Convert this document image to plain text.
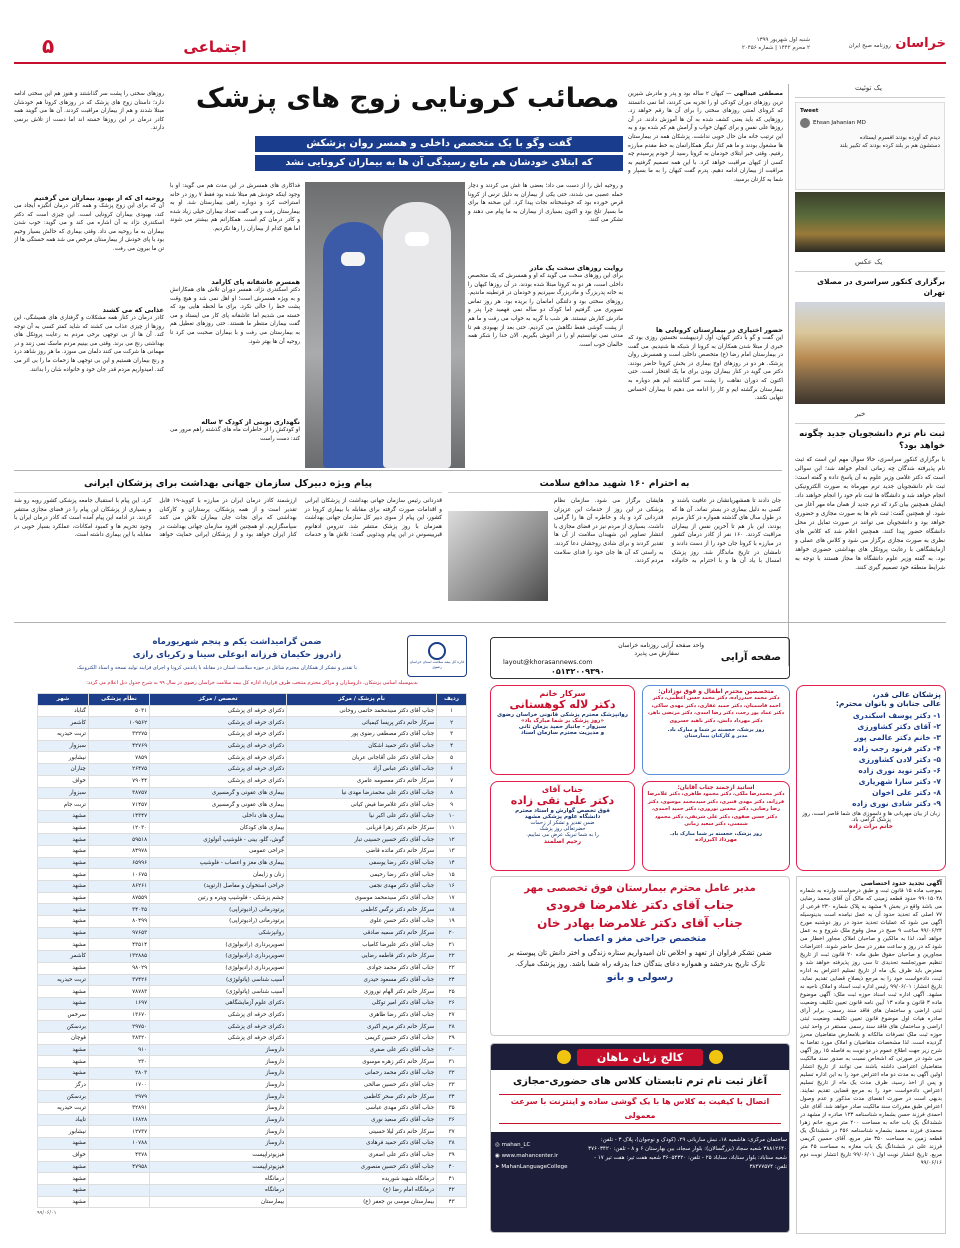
خراسان روزنامه صبح ایران
شنبه اول شهریور ۱۳۹۹
۲ محرم ۱۴۴۲ | شماره ۲۰۴۵۶
اجتماعی
۵
یک توئیت
Tweet
Ehsan Jahanian MD
دیدم که آورده بودند افسرم ایستاده
دستشون هم بر بلند کرده بودند که تکبیر بلند
یک عکس
برگزاری کنکور سراسری در مصلای تهران
خبر
ثبت نام ترم دانشجویان جدید چگونه خواهد بود؟
با برگزاری کنکور سراسری، حالا سوال مهم این است که ثبت نام پذیرفته شدگان چه زمانی انجام خواهد شد؛ این سوالی است که دکتر غلامی وزیر علوم به آن پاسخ داده و گفته است: ثبت نام دانشجویان جدید ترم مهرماه به صورت الکترونیکی انجام خواهد شد و دانشگاه ها ثبت نام خود را انجام خواهند داد. ایشان همچنین بیان کرد که ترم جدید از همان ماه مهر آغاز می شود. او همچنین گفت: ثبت نام ها به صورت مجازی و حضوری خواهد بود و دانشجویان می توانند در صورت تمایل در محل دانشگاه حضور پیدا کنند. همچنین اعلام شد که کلاس های نظری به صورت مجازی برگزار می شود و کلاس های عملی و آزمایشگاهی با رعایت پروتکل های بهداشتی حضوری خواهد بود. به گفته وزیر علوم دانشگاه ها مجاز هستند با توجه به شرایط منطقه خود تصمیم گیری کنند.
مصائب کرونایی زوج های پزشک
گفت وگو با یک متخصص داخلی و همسر روان پزشکش
که ابتلای خودشان هم مانع رسیدگی آن ها به بیماران کرونایی نشد
مصطفی عبدالهی — کیهان ۲ ساله بود و پدر و مادرش شیرین ترین روزهای دوران کودکی او را تجربه می کردند، اما نمی دانستند که کرونای لعنتی روزهای سختی را برای آن ها رقم خواهد زد. روزهایی که باید یعنی کشف شده به آن ها آموزش دادند. در آن روزها علی نفس و برای کیهان خواب و آرامش هم کم شده بود و به این ترتیب خانه مان حال خوبی نداشت. پزشکان همه در بیمارستان ها مشغول بودند و ما هم کنار دیگر همکارانمان به خط مقدم مبارزه رفتیم. وقتی خبر ابتلای خودمان به کرونا رسید از خودم پرسیدم چه کسی از کیهان مراقبت خواهد کرد. با این همه تصمیم گرفتیم به مراقبت از بیماران ادامه دهیم. پدرم گفت کیهان را به ما بسپار و شما به کارتان برسید.
حضور اختیاری در بیمارستان کرونایی ها
این گفت و گو با دکتر کیهان، اول اردیبهشت نخستین روزی بود که خبری از مبتلا شدن همکاران به کرونا از شبکه ها شنیدیم. می گفت در بیمارستان امام رضا (ع) متخصص داخلی است و همسرش روان پزشک. هر دو در روزهای اوج بیماری در بخش کرونا حاضر بودند. دکتر می گوید در کنار بیماران بودن برای ما یک افتخار است. حتی اکنون که دوران نقاهت را پشت سر گذاشته ایم هم دوباره به بیمارستان برگشته ایم و کار را ادامه می دهیم تا بیماران احساس تنهایی نکنند.
و روحیه اش را از دست می داد؛ بعضی ها غش می کردند و دچار حمله عصبی می شدند، حتی یکی از بیماران به دلیل ترس از کرونا قرص خورده بود که خوشبختانه نجات پیدا کرد. این صحنه ها برای ما بسیار تلخ بود و اکنون بسیاری از بیماران به ما پیام می دهند و تشکر می کنند.
روایت روزهای سخت یک مادر
برای این روزهای سخت می گوید که او و همسرش که یک متخصص داخلی است، هر دو به کرونا مبتلا شده بودند. در آن روزها کیهان را به خانه پدربزرگ و مادربزرگ سپردیم و خودمان در قرنطینه ماندیم. روزهای سختی بود و دلتنگی امانمان را بریده بود. هر روز تماس تصویری می گرفتیم اما کودک دو ساله نمی فهمید چرا پدر و مادرش کنارش نیستند. هر شب با گریه به خواب می رفت و ما هم از پشت گوشی فقط نگاهش می کردیم. حتی بعد از بهبودی هم تا مدتی نمی توانستیم او را در آغوش بگیریم. الان خدا را شکر همه حالمان خوب است.
فداکاری های همسرش در این مدت هم می گوید: او با وجود اینکه خودش هم مبتلا شده بود فقط ۷ روز در خانه استراحت کرد و دوباره راهی بیمارستان شد. او به بیمارستان رفت و می گفت تعداد بیماران خیلی زیاد شده و کادر درمان کم است. همکارانم هم بیشتر می شوند اما هیچ کدام از بیماران را رها نکردیم.
همسرم عاشقانه پای کارامد
دکتر اسکندری نژاد، همسر دوران تلاش های همکارانش و به ویژه همسرش است؛ او اهل نمی شد و هیچ وقت پشت خط را خالی نکرد. برای ما لحظه هایی بود که خسته می شدیم اما عاشقانه پای کار می ایستاد و می گفت بیماران منتظر ما هستند. حتی روزهای تعطیل هم به بیمارستان می رفت و با بیماران صحبت می کرد تا روحیه آن ها بهتر شود.
نگهداری نوبتی از کودک ۲ ساله
او کودکش را از خاطرات ماه های گذشته راهم مرور می کند: دست راست
روزهای سختی را پشت سر گذاشتند و هنوز هم این سختی ادامه دارد؛ داستان زوج های پزشک که در روزهای کرونا هم خودشان مبتلا شدند و هم از بیماران مراقبت کردند. آن ها می گویند همه کادر درمان در این روزها خسته اند اما دست از تلاش برنمی دارند.
روحیه ای که از بهبود بیماران می گرفتیم
آن که برای این زوج پزشک و همه کادر درمان انگیزه ایجاد می کند، بهبودی بیماران کرونایی است. این چیزی است که دکتر اسکندری نژاد به آن اشاره می کند و می گوید: خوب شدن بیماران به ما روحیه می داد. وقتی بیماری که حالش بسیار وخیم بود با پای خودش از بیمارستان مرخص می شد همه خستگی ها از تن ما بیرون می رفت.
عذابی که می کشند
کادر درمان در کنار همه مشکلات و گرفتاری های همیشگی، این روزها از چیزی عذاب می کشند که شاید کمتر کسی به آن توجه کند. آن ها از بی توجهی برخی مردم به رعایت پروتکل های بهداشتی رنج می برند. وقتی می بینیم مردم ماسک نمی زنند و در مهمانی ها شرکت می کنند دلمان می سوزد. ما هر روز شاهد درد و رنج بیماران هستیم و این بی توجهی ها زحمات ما را بی اثر می کند. امیدواریم مردم قدر جان خود و خانواده شان را بدانند.
پیام ویژه دبیرکل سازمان جهانی بهداشت برای پزشکان ایرانی
قدردانی رئیس سازمان جهانی بهداشت از پزشکان ایرانی و اقدامات صورت گرفته برای مقابله با بیماری کرونا در کشور، این پیام از سوی دبیر کل سازمان جهانی بهداشت همزمان با روز پزشک منتشر شد. تدروس ادهانوم قبرییسوس در این پیام ویدئویی گفت: تلاش ها و خدمات ارزشمند کادر درمان ایران در مبارزه با کووید-۱۹ قابل تقدیر است و از همه پزشکان، پرستاران و کارکنان بهداشتی که برای نجات جان بیماران تلاش می کنند سپاسگزاریم. او همچنین افزود سازمان جهانی بهداشت در کنار ایران خواهد بود و از پزشکان ایرانی حمایت خواهد کرد. این پیام با استقبال جامعه پزشکی کشور روبه رو شد و بسیاری از پزشکان این پیام را در فضای مجازی منتشر کردند. در ادامه این پیام آمده است که کادر درمان ایران با وجود تحریم ها و کمبود امکانات، عملکرد بسیار خوبی در مقابله با این بیماری داشته است.
به احترام ۱۶۰ شهید مدافع سلامت
جان دادند تا همشهریانشان در عافیت باشند و کسی به دلیل بیماری در بستر نماند. آن ها که در طول سال های گذشته همواره در کنار مردم بودند، این بار هم تا آخرین نفس از بیماران مراقبت کردند. ۱۶۰ نفر از کادر درمان کشور در مبارزه با کرونا جان خود را از دست دادند و نامشان در تاریخ ماندگار شد. روز پزشک امسال با یاد آن ها و با احترام به خانواده هایشان برگزار می شود. سازمان نظام پزشکی در این روز از خدمات این عزیزان قدردانی کرد و یاد و خاطره آن ها را گرامی داشت. بسیاری از مردم نیز در فضای مجازی با انتشار تصاویر این شهیدان سلامت از آن ها تقدیر کردند و برای شادی روحشان دعا کردند. به راستی که آن ها جان خود را فدای سلامت مردم کردند.
اداره کل بیمه سلامت استان خراسان رضوی
ضمن گرامیداشت یکم و پنجم شهریورماه
زادروز حکیمان فرزانه ابوعلی سینا و زکریای رازی
با تقدیر و تشکر از همکاران محترم شاغل در حوزه سلامت استان در مقابله با پاندمی کرونا و اجرای فرایند تولید نسخه و اسناد الکترونیک
بدینوسیله اسامی پزشکان، داروسازان و مراکز محترم منتخب طرف قرارداد اداره کل بیمه سلامت خراسان رضوی در سال ۹۹ به شرح جدول ذیل اعلام می گردد:
ردیف	نام پزشک / مرکز	تخصص / مرکز	نظام پزشکی	شهر
۱	جناب آقای دکتر سیدمحمد حاتمی روحانی	دکترای حرفه ای پزشکی	۵۰۳۱	گناباد
۲	سرکار خانم دکتر پریسا کیمیائی	دکترای حرفه ای پزشکی	۱۰۹۵۶۲	کاشمر
۳	جناب آقای دکتر مصطفی رضوی پور	دکترای حرفه ای پزشکی	۳۲۲۷۵	تربت حیدریه
۴	جناب آقای دکتر حمید اشکان	دکترای حرفه ای پزشکی	۴۲۷۶۹	سبزوار
۵	جناب آقای دکتر علی آقاجانی عربان	دکترای حرفه ای پزشکی	۷۸۵۹	نیشابور
۶	جناب آقای دکتر عباس آزاد	دکترای حرفه ای پزشکی	۲۶۴۷۵	چناران
۷	سرکار خانم دکتر معصومه عامری	دکترای حرفه ای پزشکی	۷۹۰۴۴	خواف
۸	جناب آقای دکتر علی محمدرضا مهدی نیا	بیماری های عفونی و گرمسیری	۳۸۷۵۷	سبزوار
۹	جناب آقای دکتر غلامرضا فیض کیانی	بیماری های عفونی و گرمسیری	۷۱۴۵۷	تربت جام
۱۰	جناب آقای دکتر علی اکبر نیا	بیماری های داخلی	۱۴۳۴۷	مشهد
۱۱	سرکار خانم دکتر زهرا قربانی	بیماری های کودکان	۱۲۰۳۰	مشهد
۱۲	جناب آقای دکتر حسین حسینی تبار	گوش، گلو، بینی - فلوشیپ آتولوژی	۵۹۵۱۸	مشهد
۱۳	سرکار خانم دکتر مائده قاضی	جراحی عمومی	۸۴۹۷۸	مشهد
۱۴	جناب آقای دکتر رضا یوسفی	بیماری های مغز و اعصاب - فلوشیپ	۶۵۹۹۶	مشهد
۱۵	جناب آقای دکتر رضا رحیمی	زنان و زایمان	۱۰۶۷۵	مشهد
۱۶	جناب آقای دکتر مهدی نجفی	جراحی استخوان و مفاصل (ارتوپد)	۸۶۲۶۱	مشهد
۱۷	جناب آقای دکتر سیدمحمد موسوی	چشم پزشکی - فلوشیپ ویتره و رتین	۸۷۵۵۹	مشهد
۱۸	سرکار خانم دکتر نرگس کاظمی	پرتودرمانی (رادیوتراپی)	۳۴۰۳۵	مشهد
۱۹	جناب آقای دکتر حسن علوی	پرتودرمانی (رادیوتراپی)	۸۰۴۹۹	مشهد
۲۰	سرکار خانم دکتر سمیه صادقی	روانپزشکی	۹۷۶۵۳	مشهد
۲۱	جناب آقای دکتر علیرضا کامیاب	تصویربرداری (رادیولوژی)	۴۳۵۱۴	مشهد
۲۲	سرکار خانم دکتر فاطمه رضایی	تصویربرداری (رادیولوژی)	۱۳۲۸۸۵	کاشمر
۲۳	جناب آقای دکتر محمد جوادی	تصویربرداری (رادیولوژی)	۹۸۰۲۹	مشهد
۲۴	جناب آقای دکتر مسعود حیدری	آسیب شناسی (پاتولوژی)	۳۷۴۲۶	تربت حیدریه
۲۵	سرکار خانم دکتر الهام نوروزی	آسیب شناسی (پاتولوژی)	۷۸۷۸۳	مشهد
۲۶	جناب آقای دکتر امیر توکلی	دکترای علوم آزمایشگاهی	۱۶۹۷	مشهد
۲۷	جناب آقای دکتر رضا طاهری	دکترای حرفه ای پزشکی	۱۳۶۷۰	سرخس
۲۸	سرکار خانم دکتر مریم اکبری	دکترای حرفه ای پزشکی	۲۹۷۵۰	بردسکن
۲۹	جناب آقای دکتر حسین کریمی	دکترای حرفه ای پزشکی	۳۸۳۲۰	قوچان
۳۰	جناب آقای دکتر علی صفری	داروساز	۹۱۰	مشهد
۳۱	سرکار خانم دکتر زهره موسوی	داروساز	۲۳۰	مشهد
۳۲	جناب آقای دکتر محمد رحمانی	داروساز	۲۸۰۳	مشهد
۳۳	جناب آقای دکتر حسین صالحی	داروساز	۱۷۰۰	درگز
۳۴	سرکار خانم دکتر سحر کاظمی	داروساز	۲۹۷۹	بردسکن
۳۵	جناب آقای دکتر مهدی عباسی	داروساز	۳۲۸۹۱	تربت حیدریه
۳۶	جناب آقای دکتر سعید نوری	داروساز	۱۶۸۲۸	تایباد
۳۷	سرکار خانم دکتر لیلا حسینی	داروساز	۱۲۷۳۷	نیشابور
۳۸	جناب آقای دکتر حمید فرهادی	داروساز	۱۰۷۸۸	مشهد
۳۹	جناب آقای دکتر علی اصغری	فیزیوتراپیست	۴۳۷۸	خواف
۴۰	جناب آقای دکتر حسین منصوری	فیزیوتراپیست	۴۷۹۵۸	مشهد
۴۱	درمانگاه شهید شوریده	درمانگاه		مشهد
۴۲	درمانگاه امام رضا (ع)	درمانگاه		مشهد
۴۳	بیمارستان موسی بن جعفر (ع)	بیمارستان		مشهد
۹۹/۰۶/۰۱
صفحه آرایی
واحد صفحه آرایی روزنامه خراسان
سفارش می پذیرد
layout@khorasannews.com
۰۵۱۳۲۰۰۹۳۹۰
سرکار خانم
دکتر لاله کوهستانی
روانپزشک محترم پزشکی قانونی خراسان رضوی
«روز پزشک بر شما مبارک باد»
سبزوار - جانباز حمید بزمان ثانی
و مدیریت محترم سازمان اسناد
متخصصین محترم اطفال و قوق نوزادان:
دکتر محمد حیدرزاده، دکتر محمد حسن اعظمی، دکتر احمد قاسمیان، دکتر حمید غفاری، دکتر مهدی ساکی، دکتر عماد پور رجب، دکتر رضا اسدی، دکتر مرتضی باهر، دکتر مهرداد دانش، دکتر ناهید خسروی
روز پزشک، خجسته بر شما و مبارک باد.
مدیر و کارکنان بیمارستان
جناب آقای
دکتر علی تقی زاده
فوق تخصص گوارش و استاد محترم
دانشگاه علوم پزشکی مشهد
ضمن تقدیر و تشکر از زحمات
حضرتعالی روز پزشک
را به شما تبریک عرض می نماییم.
رحیم اصلمند
اساتید ارجمند جناب آقایان:
دکتر محمدرضا ملکی، دکتر محمود طاهری، دکتر غلامرضا فرزانه، دکتر مهدی قنبری، دکتر سیدمحمد موسوی، دکتر رضا رضایی، دکتر محسن نوروزی، دکتر حمید احمدی، دکتر حسن صفوی، دکتر علی شریفی، دکتر محمود شمسی، دکتر سعید زمانی
روز پزشک، خجسته بر شما مبارک باد.
مهرداد اکبرزاده
پزشکان عالی قدر،
عالی جنابان و بانوان محترم:
۱- دکتر یوسف اسکندری
۲- آقای دکتر کشاورزی
۳- خانم دکتر عالمی پور
۴- دکتر فرنود رجب زاده
۵- دکتر لادن کشاورزی
۶- دکتر نوید نوری زاده
۷- دکتر سارا شهریاری
۸- دکتر علی اخوان
۹- دکتر شادی نوری زاده
زبان از بیان مهربانی ها و دلسوزی های شما قاصر است، روز پزشک گرامی باد.
خانم برات زاده
مدیر عامل محترم بیمارستان فوق تخصصی مهر
جناب آقای دکتر غلامرضا فرودی
جناب آقای دکتر غلامرضا بهادر خان
متخصص جراحی مغز و اعصاب
ضمن تشکر فراوان از تعهد و اخلاص تان امیدواریم ستاره زندگی و اختر دانش تان پیوسته بر تارک تاریخ بدرخشد و همواره دعای بندگان خدا بدرقه راه شما باشد. روز پزشک مبارک.
رسولی و بانو
کالج زبان ماهان
آغاز ثبت نام ترم تابستان کلاس های حضوری-مجازی
اتصال با کیفیت به کلاس ها با یک گوشی ساده و اینترنت با سرعت معمولی
ساختمان مرکزی: هاشمیه ۱۸، نبش ساربانی ۲۹، (کودک و نوجوان)، پلاک ۳ - تلفن: ۳۸۸۱۲۶۴۰ شعبه سجاد (بزرگسالان): بلوار سجاد، بین بهارستان ۶ و ۸ - تلفن: ۳۷۶۰۳۴۲۰ شعبه سناباد: بلوار سناباد، سناباد ۲۵ - تلفن: ۳۶۰۵۴۳۲۰ شعبه هفت تیر: هفت تیر ۱۷ - تلفن: ۳۸۴۷۷۵۷۴
◎ mahan_LC
◉ www.mahancenter.ir
➤ MahanLanguageCollege
آگهی تجدید حدود اختصاصی
بموجب ماده ۱۵ قانون ثبت و طبق درخواست وارده به شماره ۹۹۰۱۵۰۴۸ حدود قطعه زمینی که مالک آن آقای محمد رضایی می باشد واقع در بخش ۹ مشهد به پلاک شماره ۲۳۰ فرعی از ۷۷ اصلی که تحدید حدود آن به عمل نیامده است بدینوسیله آگهی می شود که عملیات تحدید حدود در روز دوشنبه مورخ ۹۹/۰۶/۲۴ ساعت ۹ صبح در محل وقوع ملک شروع و به عمل خواهد آمد، لذا به مالکین و صاحبان املاک مجاور اخطار می شود که در روز و ساعت مقرر در محل حاضر شوند. اعتراضات مجاورین و صاحبان حقوق طبق ماده ۲۰ قانون ثبت از تاریخ تنظیم صورتجلسه تحدیدی تا سی روز پذیرفته خواهد شد و معترض باید ظرف یک ماه از تاریخ تسلیم اعتراض به اداره ثبت، دادخواست خود را به مرجع ذیصلاح قضایی تقدیم نماید. تاریخ انتشار: ۹۹/۰۶/۰۱ رئیس اداره ثبت اسناد و املاک ناحیه نه مشهد. آگهی اداره ثبت اسناد حوزه ثبت ملک: آگهی موضوع ماده ۳ قانون و ماده ۱۳ آیین نامه قانون تعیین تکلیف وضعیت ثبتی اراضی و ساختمان های فاقد سند رسمی. برابر آرای صادره هیات اول موضوع قانون تعیین تکلیف وضعیت ثبتی اراضی و ساختمان های فاقد سند رسمی مستقر در واحد ثبتی حوزه ثبت ملک تصرفات مالکانه و بلامعارض متقاضیان محرز گردیده است. لذا مشخصات متقاضیان و املاک مورد تقاضا به شرح زیر جهت اطلاع عموم در دو نوبت به فاصله ۱۵ روز آگهی می شود در صورتی که اشخاص نسبت به صدور سند مالکیت متقاضیان اعتراضی داشته باشند می توانند از تاریخ انتشار اولین آگهی به مدت دو ماه اعتراض خود را به این اداره تسلیم و پس از اخذ رسید، ظرف مدت یک ماه از تاریخ تسلیم اعتراض، دادخواست خود را به مرجع قضایی تقدیم نمایند. بدیهی است در صورت انقضای مدت مذکور و عدم وصول اعتراض طبق مقررات سند مالکیت صادر خواهد شد. آقای علی احمدی فرزند حسن بشماره شناسنامه ۱۲۳ صادره از مشهد در ششدانگ یک باب خانه به مساحت ۲۰۰ متر مربع. خانم زهرا محمدی فرزند محمد بشماره شناسنامه ۴۵۶ در ششدانگ یک قطعه زمین به مساحت ۳۵۰ متر مربع. آقای حسین کریمی فرزند علی در ششدانگ یک باب مغازه به مساحت ۴۵ متر مربع. تاریخ انتشار نوبت اول ۹۹/۰۶/۰۱ تاریخ انتشار نوبت دوم ۹۹/۰۶/۱۶
